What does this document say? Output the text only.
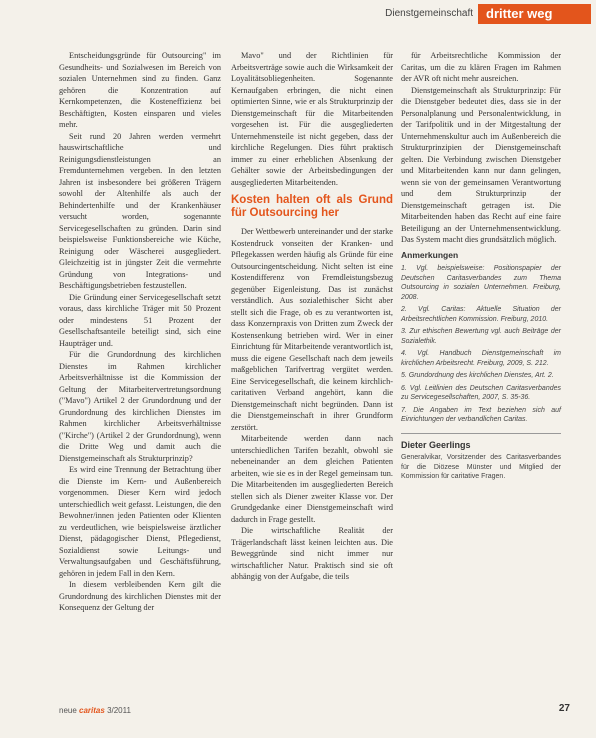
Dienstgemeinschaft	dritter weg

Entscheidungsgründe für Outsourcing" im Gesundheits- und Sozialwesen im Bereich von sozialen Unternehmen sind zu finden. Ganz gehören die Konzentration auf Kernkompetenzen, die Kosteneffizienz bei Beschäftigten, Kosten einsparen und vieles mehr.

Seit rund 20 Jahren werden vermehrt hauswirtschaftliche und Reinigungsdienstleistungen an Fremdunternehmen vergeben. In den letzten Jahren ist insbesondere bei größeren Trägern sowohl der Altenhilfe als auch der Behindertenhilfe und der Krankenhäuser versucht worden, sogenannte Servicegesellschaften zu gründen. Darin sind beispielsweise Funktionsbereiche wie Küche, Reinigung oder Wäscherei ausgegliedert. Gleichzeitig ist in jüngster Zeit die vermehrte Gründung von Integrations- und Beschäftigungsbetrieben festzustellen.

Die Gründung einer Servicegesellschaft setzt voraus, dass kirchliche Träger mit 50 Prozent oder mindestens 51 Prozent der Gesellschaftsanteile beteiligt sind, sich eine Haupträger und.

Für die Grundordnung des kirchlichen Dienstes im Rahmen kirchlicher Arbeitsverhältnisse ist die Kommission der Geltung der Mitarbeitervertretungsordnung ("Mavo") Artikel 2 der Grundordnung und der Grundordnung des kirchlichen Dienstes im Rahmen kirchlicher Arbeitsverhältnisse ("Kirche") (Artikel 2 der Grundordnung), wenn die Dritte Weg und damit auch die Dienstgemeinschaft als Strukturprinzip?

Es wird eine Trennung der Betrachtung über die Dienste im Kern- und Außenbereich vorgenommen. Dieser Kern wird jedoch unterschiedlich weit gefasst. Leistungen, die den Bewohner/innen jeden Patienten oder Klienten zu verdeutlichen, wie beispielsweise ärztlicher Dienst, pädagogischer Dienst, Pflegedienst, Sozialdienst sowie Leitungs- und Verwaltungsaufgaben und Geschäftsführung, gehören in jedem Fall in den Kern.

In diesem verbleibenden Kern gilt die Grundordnung des kirchlichen Dienstes mit der Konsequenz der Geltung der

Mavo" und der Richtlinien für Arbeitsverträge sowie auch die Wirksamkeit der Loyalitätsobliegenheiten. Sogenannte Kernaufgaben erbringen, die nicht einen optimierten Sinne, wie er als Strukturprinzip der Dienstgemeinschaft für die Mitarbeitenden vorgesehen ist. Für die ausgegliederten Unternehmensteile ist nicht gegeben, dass der kirchliche Regelungen. Dies führt praktisch immer zu einer erheblichen Absenkung der Gehälter sowie der Arbeitsbedingungen der ausgegliederten Mitarbeitenden.

Kosten halten oft als Grund für Outsourcing her

Der Wettbewerb untereinander und der starke Kostendruck vonseiten der Kranken- und Pflegekassen werden häufig als Gründe für eine Outsourcingentscheidung. Nicht selten ist eine Kostendifferenz von Fremdleistungsbezug gegenüber Eigenleistung. Das ist zunächst verständlich. Aus sozialethischer Sicht aber stellt sich die Frage, ob es zu verantworten ist, dass Konzernpraxis von Dritten zum Zweck der Kostensenkung betrieben wird. Wer in einer Einrichtung für Mitarbeitende verantwortlich ist, muss die eigene Gesellschaft nach dem jeweils maßgeblichen Tarifvertrag vergütet werden. Eine Servicegesellschaft, die keinem kirchlich-caritativen Verband angehört, kann die Dienstgemeinschaft nicht begründen. Dann ist die Dienstgemeinschaft in ihrer Grundform zerstört.

Mitarbeitende werden dann nach unterschiedlichen Tarifen bezahlt, obwohl sie nebeneinander an dem gleichen Patienten arbeiten, wie sie es in der Regel gemeinsam tun. Die Mitarbeitenden im ausgegliederten Bereich stellen sich als Diener zweiter Klasse vor. Der Grundgedanke einer Dienstgemeinschaft wird dadurch in Frage gestellt.

Die wirtschaftliche Realität der Trägerlandschaft lässt keinen leichten aus. Die Beweggründe sind nicht immer nur wirtschaftlicher Natur. Praktisch sind sie oft abhängig von der Aufgabe, die teils

für Arbeitsrechtliche Kommission der Caritas, um die zu klären Fragen im Rahmen der AVR oft nicht mehr ausreichen.

Dienstgemeinschaft als Strukturprinzip: Für die Dienstgeber bedeutet dies, dass sie in der Personalplanung und Personalentwicklung, in der Tarifpolitik und in der Mitgestaltung der Unternehmenskultur auch im Außenbereich die Strukturprinzipien der Dienstgemeinschaft gelten. Die Verbindung zwischen Dienstgeber und Mitarbeitenden kann nur dann gelingen, wenn sie von der gemeinsamen Verantwortung und dem Strukturprinzip der Dienstgemeinschaft getragen ist. Die Mitarbeitenden haben das Recht auf eine faire Beteiligung an der Unternehmensentwicklung. Das System macht dies grundsätzlich möglich.

Anmerkungen
1. Vgl. beispielsweise: Positionspapier der Deutschen Caritasverbandes zum Thema Outsourcing in sozialen Unternehmen. Freiburg, 2008.
2. Vgl. Caritas: Aktuelle Situation der Arbeitsrechtlichen Kommission. Freiburg, 2010.
3. Zur ethischen Bewertung vgl. auch Beiträge der Sozialethik.
4. Vgl. Handbuch Dienstgemeinschaft im kirchlichen Arbeitsrecht. Freiburg, 2009, S. 212.
5. Grundordnung des kirchlichen Dienstes, Art. 2.
6. Vgl. Leitlinien des Deutschen Caritasverbandes zu Servicegesellschaften, 2007, S. 35-36.
7. Die Angaben im Text beziehen sich auf Einrichtungen der verbandlichen Caritas.
Dieter Geerlings
Generalvikar, Vorsitzender des Caritasverbandes für die Diözese Münster und Mitglied der Kommission für caritative Fragen.
neue caritas 3/2011	27
